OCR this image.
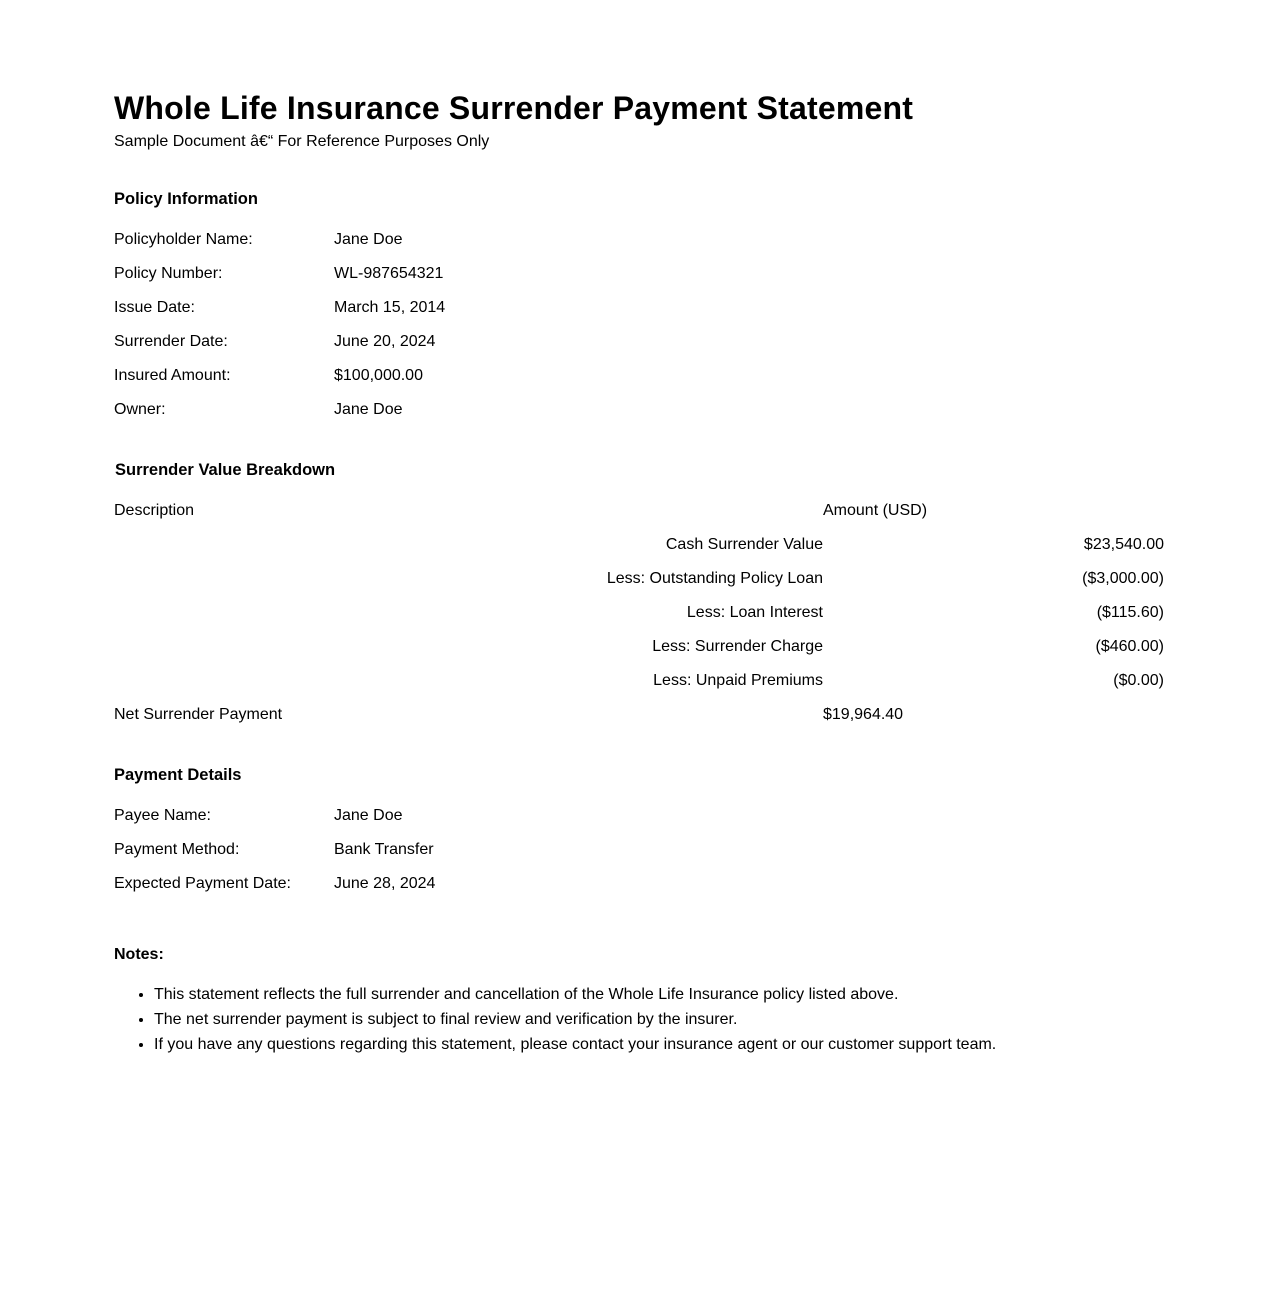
Whole Life Insurance Surrender Payment Statement
Sample Document â€“ For Reference Purposes Only
Policy Information
Policyholder Name:	Jane Doe
Policy Number:	WL-987654321
Issue Date:	March 15, 2014
Surrender Date:	June 20, 2024
Insured Amount:	$100,000.00
Owner:	Jane Doe
Surrender Value Breakdown
Description	Amount (USD)
Cash Surrender Value	$23,540.00
Less: Outstanding Policy Loan	($3,000.00)
Less: Loan Interest	($115.60)
Less: Surrender Charge	($460.00)
Less: Unpaid Premiums	($0.00)
Net Surrender Payment	$19,964.40
Payment Details
Payee Name:	Jane Doe
Payment Method:	Bank Transfer
Expected Payment Date:	June 28, 2024
Notes:
• This statement reflects the full surrender and cancellation of the Whole Life Insurance policy listed above.
• The net surrender payment is subject to final review and verification by the insurer.
• If you have any questions regarding this statement, please contact your insurance agent or our customer support team.
